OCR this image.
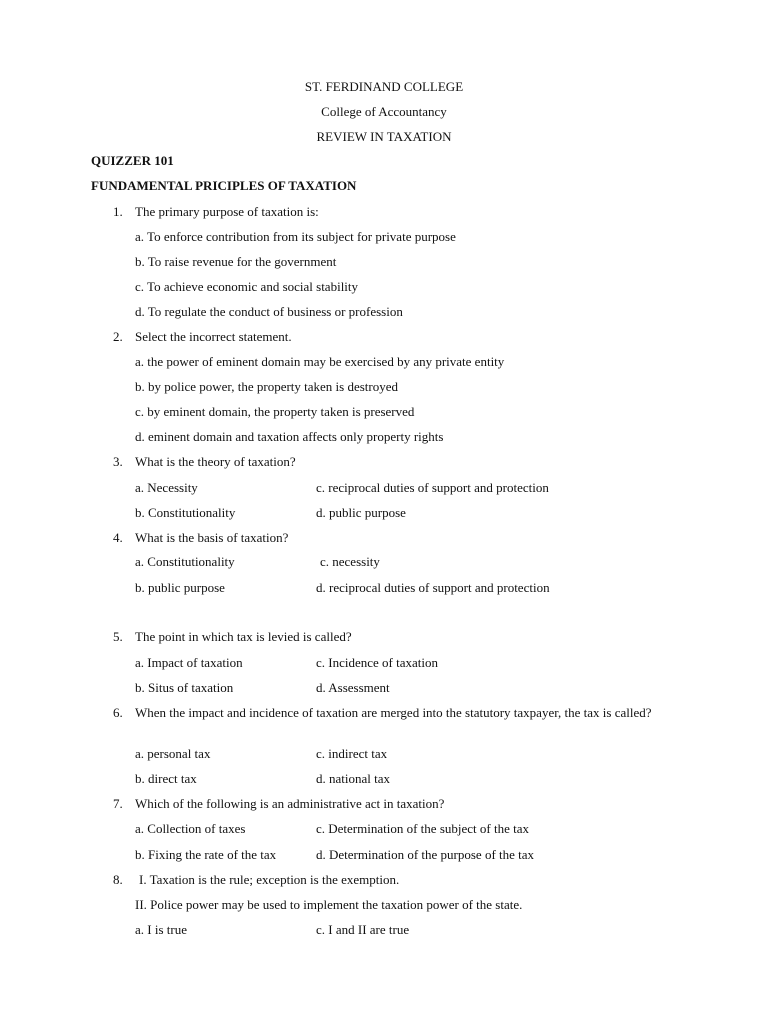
ST. FERDINAND COLLEGE
College of Accountancy
REVIEW IN TAXATION
QUIZZER 101
FUNDAMENTAL PRICIPLES OF TAXATION
1. The primary purpose of taxation is:
a. To enforce contribution from its subject for private purpose
b. To raise revenue for the government
c. To achieve economic and social stability
d. To regulate the conduct of business or profession
2. Select the incorrect statement.
a. the power of eminent domain may be exercised by any private entity
b. by police power, the property taken is destroyed
c. by eminent domain, the property taken is preserved
d. eminent domain and taxation affects only property rights
3. What is the theory of taxation?
a. Necessity	c. reciprocal duties of support and protection
b. Constitutionality	d. public purpose
4. What is the basis of taxation?
a. Constitutionality	c. necessity
b. public purpose	d. reciprocal duties of support and protection
5. The point in which tax is levied is called?
a. Impact of taxation	c. Incidence of taxation
b. Situs of taxation	d. Assessment
6. When the impact and incidence of taxation are merged into the statutory taxpayer, the tax is called?
a. personal tax	c. indirect tax
b. direct tax	d. national tax
7. Which of the following is an administrative act in taxation?
a. Collection of taxes	c. Determination of the subject of the tax
b. Fixing the rate of the tax	d. Determination of the purpose of the tax
8. I. Taxation is the rule; exception is the exemption.
II. Police power may be used to implement the taxation power of the state.
a. I is true	c. I and II are true
